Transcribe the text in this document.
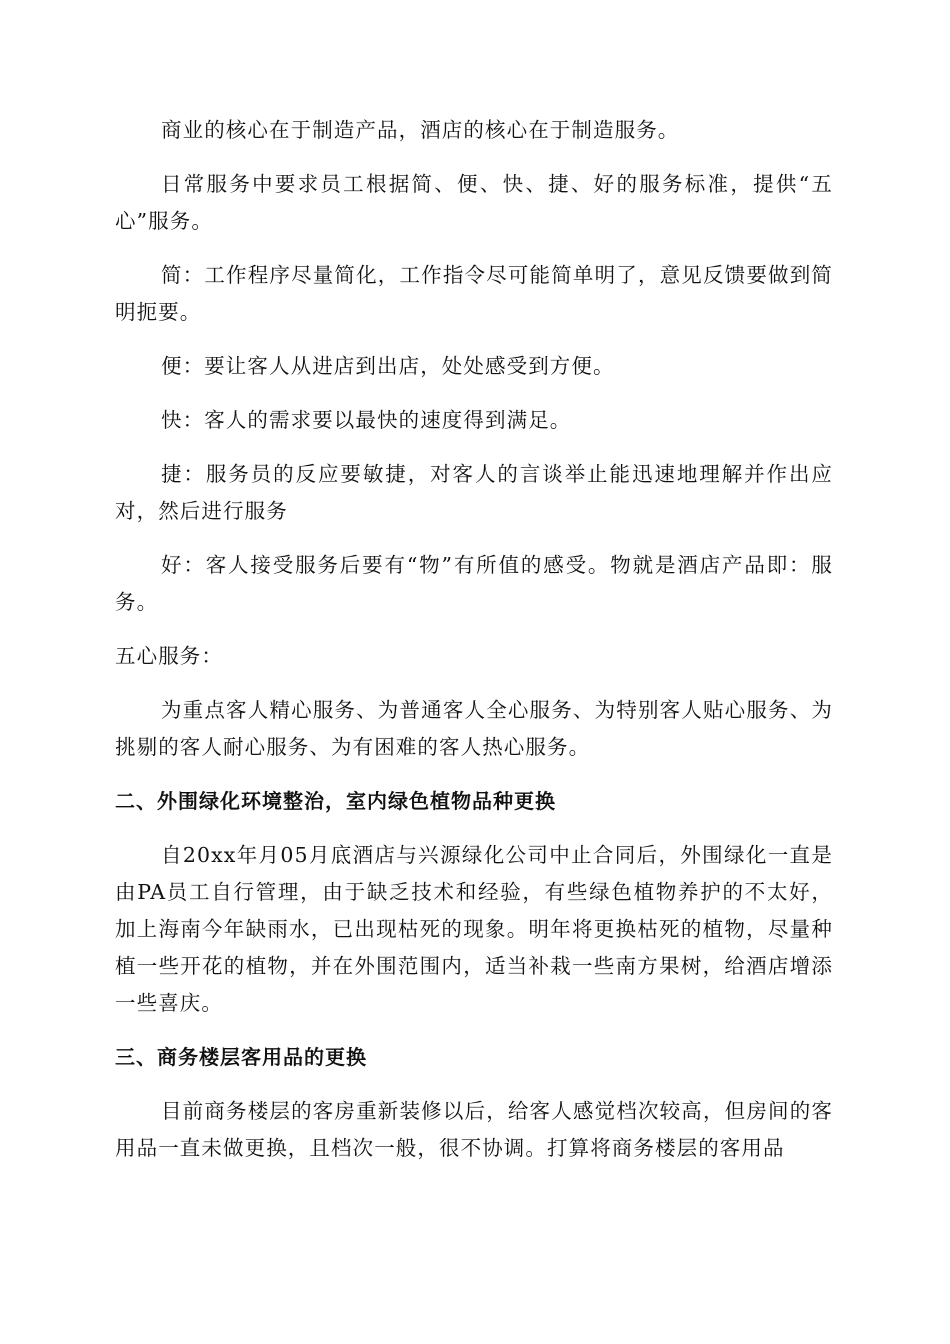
商业的核心在于制造产品，酒店的核心在于制造服务。

日常服务中要求员工根据简、便、快、捷、好的服务标准，提供“五心”服务。

简：工作程序尽量简化，工作指令尽可能简单明了，意见反馈要做到简明扼要。

便：要让客人从进店到出店，处处感受到方便。

快：客人的需求要以最快的速度得到满足。

捷：服务员的反应要敏捷，对客人的言谈举止能迅速地理解并作出应对，然后进行服务

好：客人接受服务后要有“物”有所值的感受。物就是酒店产品即：服务。

五心服务：

为重点客人精心服务、为普通客人全心服务、为特别客人贴心服务、为挑剔的客人耐心服务、为有困难的客人热心服务。

二、外围绿化环境整治，室内绿色植物品种更换

自20xx年月05月底酒店与兴源绿化公司中止合同后，外围绿化一直是由PA员工自行管理，由于缺乏技术和经验，有些绿色植物养护的不太好，加上海南今年缺雨水，已出现枯死的现象。明年将更换枯死的植物，尽量种植一些开花的植物，并在外围范围内，适当补栽一些南方果树，给酒店增添一些喜庆。

三、商务楼层客用品的更换

目前商务楼层的客房重新装修以后，给客人感觉档次较高，但房间的客用品一直未做更换，且档次一般，很不协调。打算将商务楼层的客用品
